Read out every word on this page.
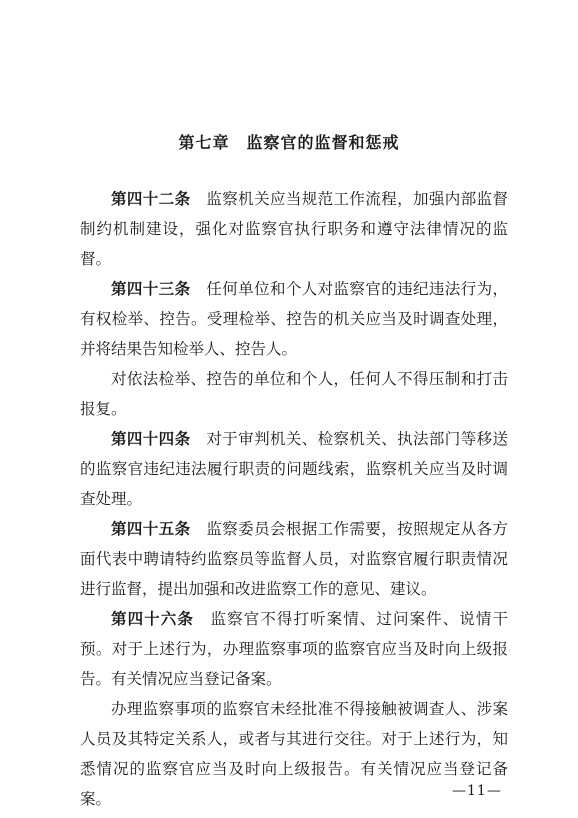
第七章　监察官的监督和惩戒

第四十二条　 监察机关应当规范工作流程，加强内部监督制约机制建设，强化对监察官执行职务和遵守法律情况的监督。

第四十三条　 任何单位和个人对监察官的违纪违法行为，有权检举、控告。受理检举、控告的机关应当及时调查处理，并将结果告知检举人、控告人。

对依法检举、控告的单位和个人，任何人不得压制和打击报复。

第四十四条　 对于审判机关、检察机关、执法部门等移送的监察官违纪违法履行职责的问题线索，监察机关应当及时调查处理。

第四十五条　 监察委员会根据工作需要，按照规定从各方面代表中聘请特约监察员等监督人员，对监察官履行职责情况进行监督，提出加强和改进监察工作的意见、建议。

第四十六条　 监察官不得打听案情、过问案件、说情干预。对于上述行为，办理监察事项的监察官应当及时向上级报告。有关情况应当登记备案。

办理监察事项的监察官未经批准不得接触被调查人、涉案人员及其特定关系人，或者与其进行交往。对于上述行为，知悉情况的监察官应当及时向上级报告。有关情况应当登记备案。	—11—
